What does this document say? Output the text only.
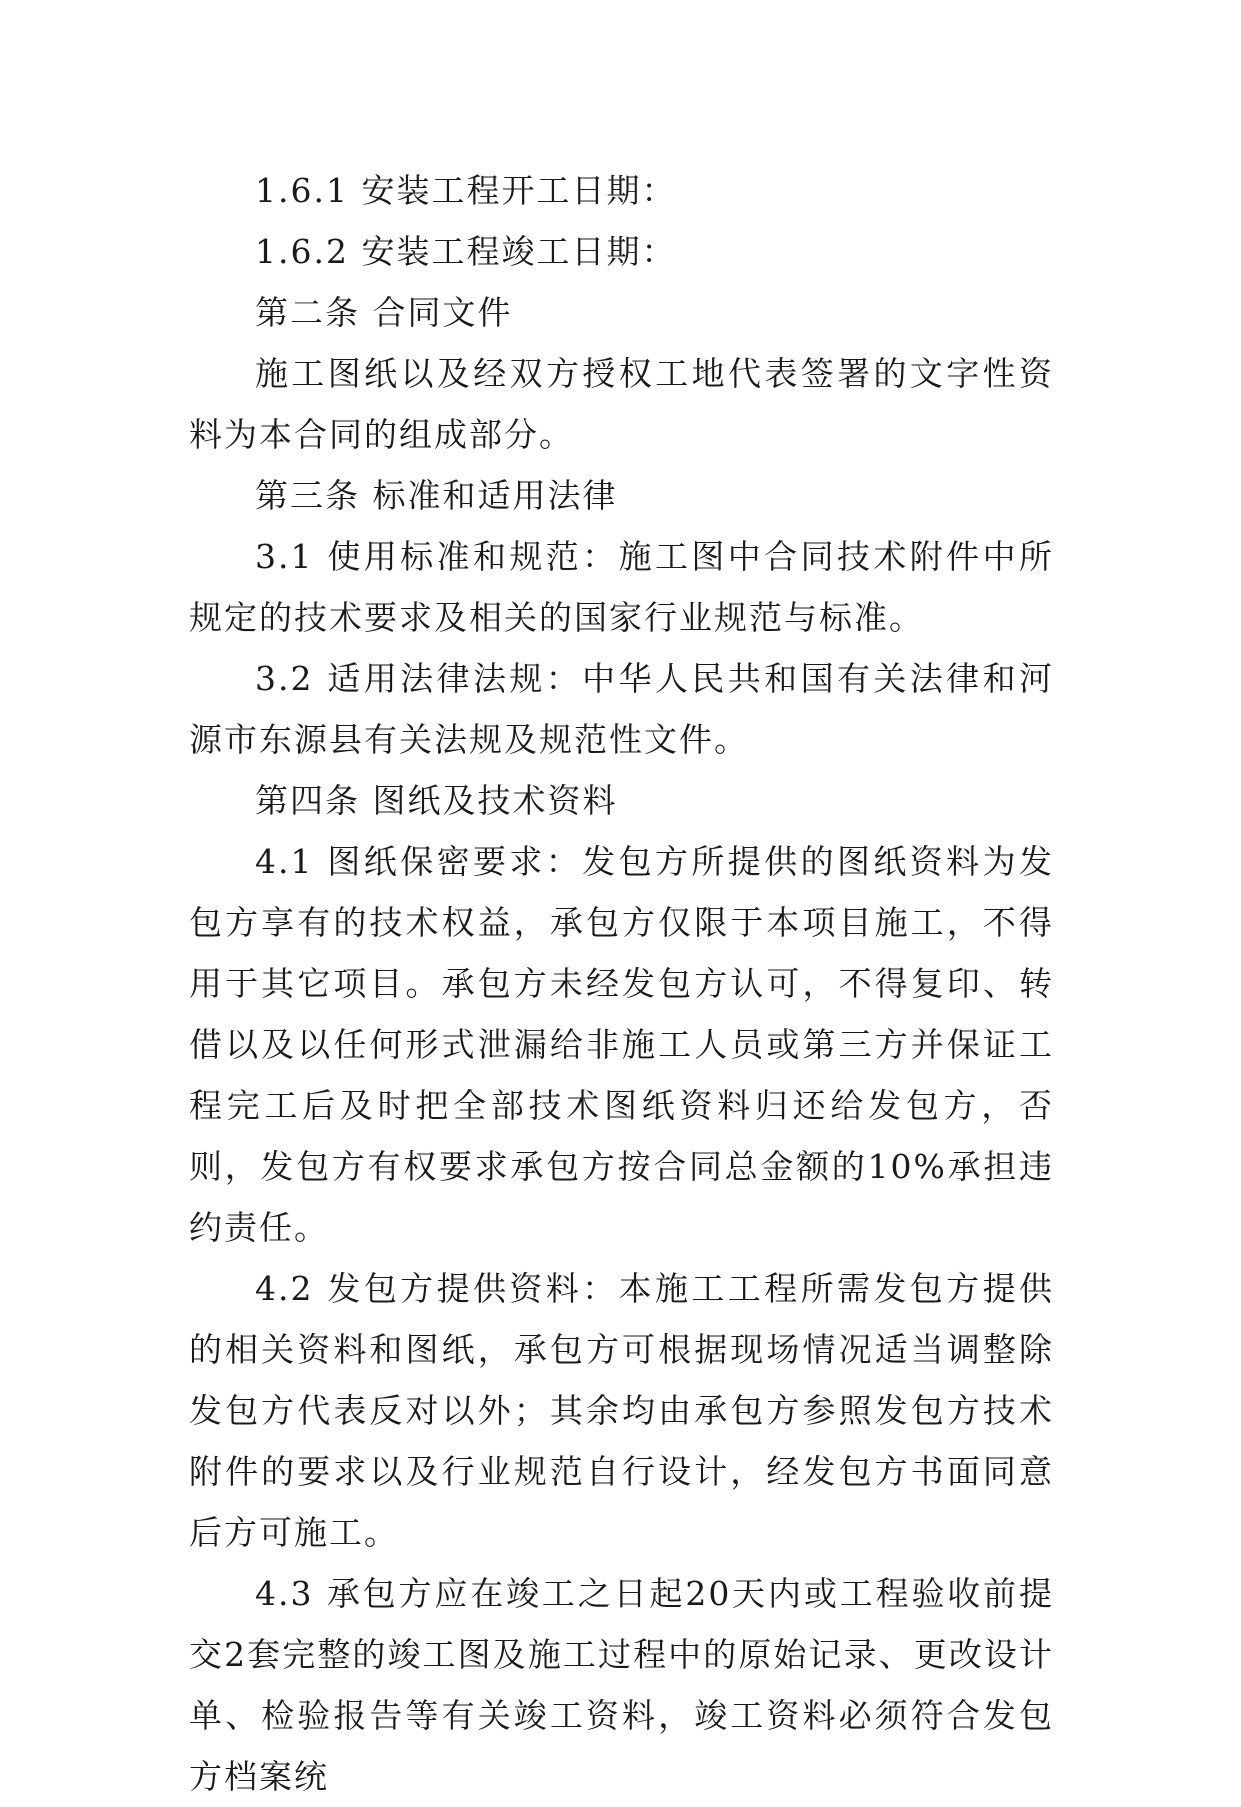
1.6.1 安装工程开工日期：

1.6.2 安装工程竣工日期：

第二条 合同文件

施工图纸以及经双方授权工地代表签署的文字性资料为本合同的组成部分。

第三条 标准和适用法律

3.1 使用标准和规范：施工图中合同技术附件中所规定的技术要求及相关的国家行业规范与标准。

3.2 适用法律法规：中华人民共和国有关法律和河源市东源县有关法规及规范性文件。

第四条 图纸及技术资料

4.1 图纸保密要求：发包方所提供的图纸资料为发包方享有的技术权益，承包方仅限于本项目施工，不得用于其它项目。承包方未经发包方认可，不得复印、转借以及以任何形式泄漏给非施工人员或第三方并保证工程完工后及时把全部技术图纸资料归还给发包方，否则，发包方有权要求承包方按合同总金额的10%承担违约责任。

4.2 发包方提供资料：本施工工程所需发包方提供的相关资料和图纸，承包方可根据现场情况适当调整除发包方代表反对以外；其余均由承包方参照发包方技术附件的要求以及行业规范自行设计，经发包方书面同意后方可施工。

4.3 承包方应在竣工之日起20天内或工程验收前提交2套完整的竣工图及施工过程中的原始记录、更改设计单、检验报告等有关竣工资料，竣工资料必须符合发包方档案统
